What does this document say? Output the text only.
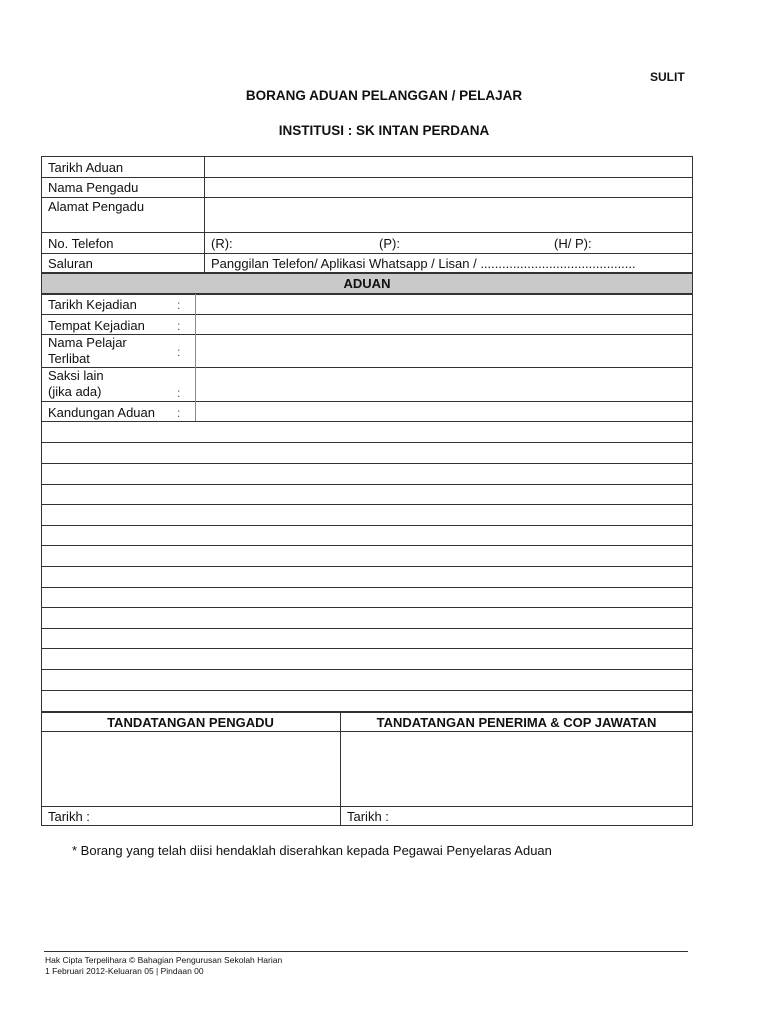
SULIT
BORANG ADUAN PELANGGAN / PELAJAR
INSTITUSI : SK INTAN PERDANA
Tarikh Aduan
Nama Pengadu
Alamat Pengadu
No. Telefon	(R):	(P):	(H/ P):
Saluran	Panggilan Telefon/ Aplikasi Whatsapp / Lisan / ...........................................
ADUAN
Tarikh Kejadian	:
Tempat Kejadian	:
Nama Pelajar
Terlibat	:
Saksi lain
(jika ada)	:
Kandungan Aduan :
TANDATANGAN PENGADU	TANDATANGAN PENERIMA & COP JAWATAN
Tarikh :	Tarikh :
* Borang yang telah diisi hendaklah diserahkan kepada Pegawai Penyelaras Aduan
Hak Cipta Terpelihara © Bahagian Pengurusan Sekolah Harian
1 Februari 2012-Keluaran 05 | Pindaan 00
